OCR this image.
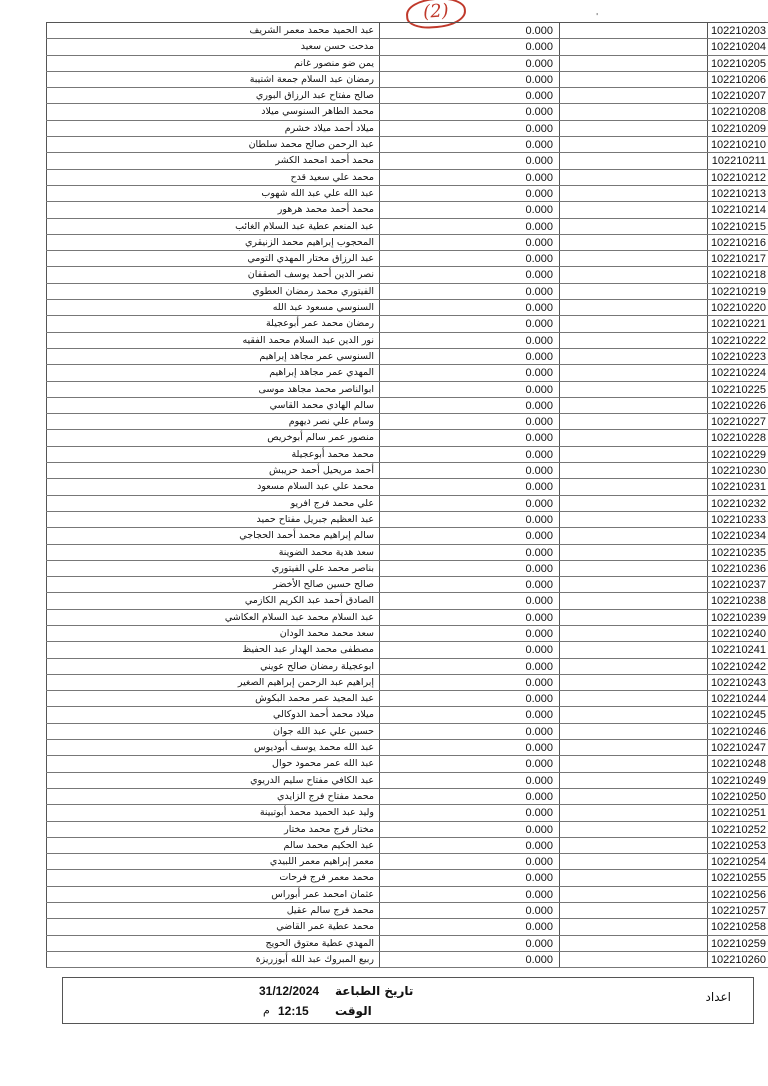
(2)	'
عبد الحميد محمد معمر الشريف	0.000	102210203
مدحت حسن سعيد	0.000	102210204
يمن ضو منصور غانم	0.000	102210205
رمضان عبد السلام جمعة اشتيبة	0.000	102210206
صالح مفتاح عبد الرزاق البوري	0.000	102210207
محمد الطاهر السنوسي ميلاد	0.000	102210208
ميلاد أحمد ميلاد خشرم	0.000	102210209
عبد الرحمن صالح محمد سلطان	0.000	102210210
محمد أحمد امحمد الكشر	0.000	102210211
محمد علي سعيد قدح	0.000	102210212
عبد الله علي عبد الله شهوب	0.000	102210213
محمد أحمد محمد هرهور	0.000	102210214
عبد المنعم عطية عبد السلام الغائب	0.000	102210215
المحجوب إبراهيم محمد الزنيقري	0.000	102210216
عبد الرزاق مختار المهدي التومي	0.000	102210217
نصر الدين أحمد يوسف الصقفان	0.000	102210218
الفيتوري محمد رمضان العطوي	0.000	102210219
السنوسي مسعود عبد الله	0.000	102210220
رمضان محمد عمر أبوعجيلة	0.000	102210221
نور الدين عبد السلام محمد الفقيه	0.000	102210222
السنوسي عمر مجاهد إبراهيم	0.000	102210223
المهدي عمر مجاهد إبراهيم	0.000	102210224
ابوالناصر محمد مجاهد موسى	0.000	102210225
سالم الهادي محمد القاسي	0.000	102210226
وسام علي نصر ديهوم	0.000	102210227
منصور عمر سالم أبوخريص	0.000	102210228
محمد محمد أبوعجيلة	0.000	102210229
أحمد مريحيل أحمد حريبش	0.000	102210230
محمد علي عبد السلام مسعود	0.000	102210231
علي محمد فرج افريو	0.000	102210232
عبد العظيم جبريل مفتاح حميد	0.000	102210233
سالم إبراهيم محمد أحمد الحجاجي	0.000	102210234
سعد هدية محمد الضوينة	0.000	102210235
بناصر محمد علي الفيتوري	0.000	102210236
صالح حسين صالح الأخضر	0.000	102210237
الصادق أحمد عبد الكريم الكازمي	0.000	102210238
عبد السلام محمد عبد السلام العكاشي	0.000	102210239
سعد محمد محمد الودان	0.000	102210240
مصطفى محمد الهدار عبد الحفيظ	0.000	102210241
ابوعجيلة رمضان صالح عويني	0.000	102210242
إبراهيم عبد الرحمن إبراهيم الصغير	0.000	102210243
عبد المجيد عمر محمد البكوش	0.000	102210244
ميلاد محمد أحمد الدوكالي	0.000	102210245
حسين علي عبد الله جوان	0.000	102210246
عبد الله محمد يوسف أبوديوس	0.000	102210247
عبد الله عمر محمود حوال	0.000	102210248
عبد الكافي مفتاح سليم الدريوي	0.000	102210249
محمد مفتاح فرج الزايدي	0.000	102210250
وليد عبد الحميد محمد أبوتبينة	0.000	102210251
مختار فرج محمد مختار	0.000	102210252
عبد الحكيم محمد سالم	0.000	102210253
معمر إبراهيم معمر اللبيدي	0.000	102210254
محمد معمر فرج فرحات	0.000	102210255
عثمان امحمد عمر أبوراس	0.000	102210256
محمد فرج سالم عقيل	0.000	102210257
محمد عطية عمر القاضي	0.000	102210258
المهدي عطية معتوق الحويج	0.000	102210259
ربيع المبروك عبد الله أبوزريزة	0.000	102210260
اعداد
تاريخ الطباعة
31/12/2024
الوقت
12:15
م
